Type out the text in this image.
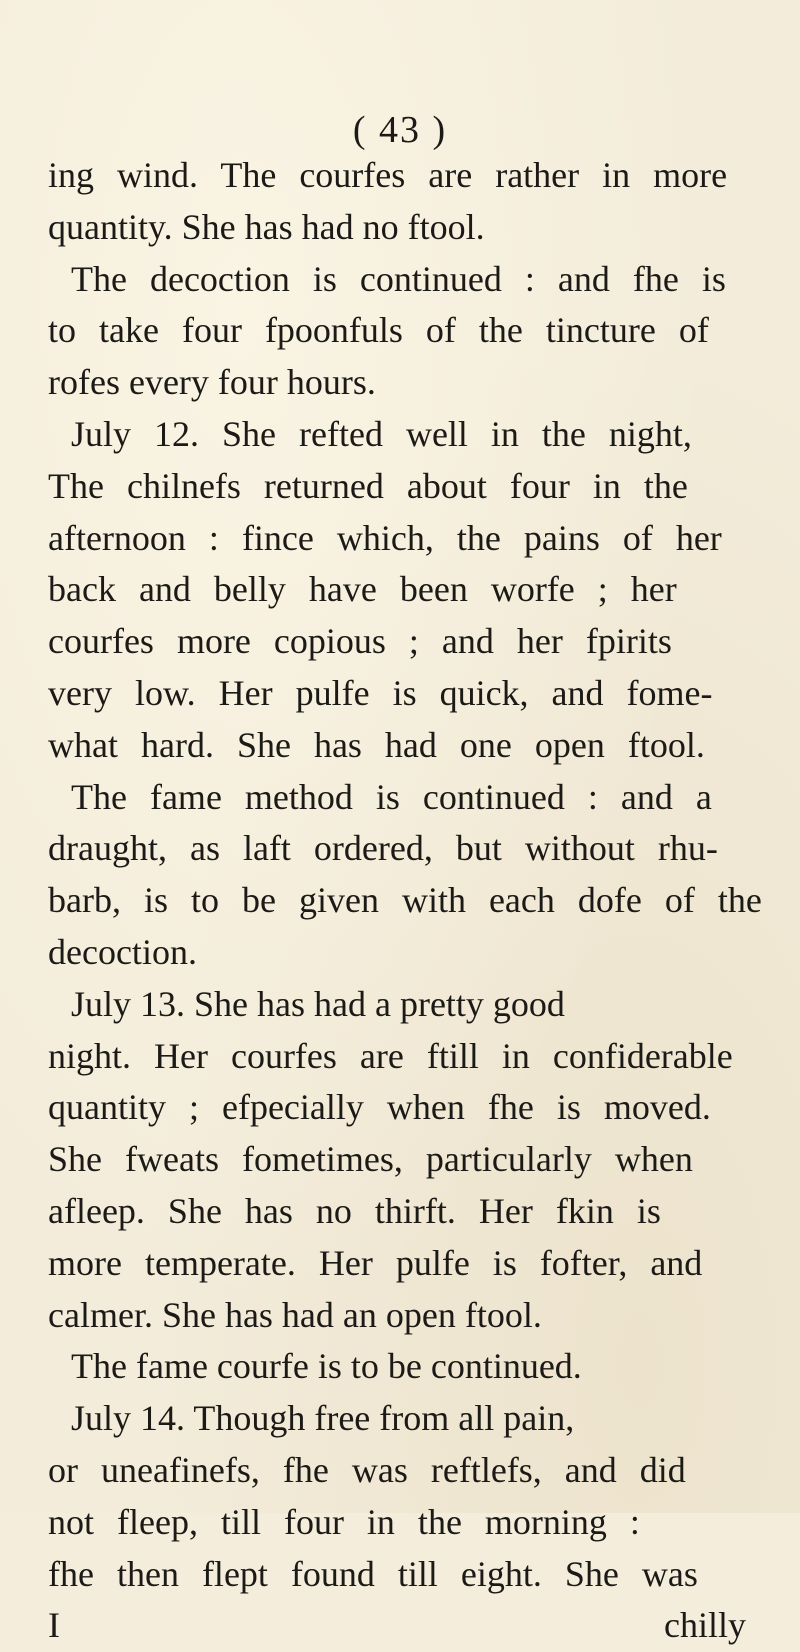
( 43 )
ing wind. The courfes are rather in more
quantity. She has had no ftool.
The decoction is continued : and fhe is
to take four fpoonfuls of the tincture of
rofes every four hours.
July 12. She refted well in the night,
The chilnefs returned about four in the
afternoon : fince which, the pains of her
back and belly have been worfe ; her
courfes more copious ; and her fpirits
very low. Her pulfe is quick, and fome-
what hard. She has had one open ftool.
The fame method is continued : and a
draught, as laft ordered, but without rhu-
barb, is to be given with each dofe of the
decoction.
July 13. She has had a pretty good
night. Her courfes are ftill in confiderable
quantity ; efpecially when fhe is moved.
She fweats fometimes, particularly when
afleep. She has no thirft. Her fkin is
more temperate. Her pulfe is fofter, and
calmer. She has had an open ftool.
The fame courfe is to be continued.
July 14. Though free from all pain,
or uneafinefs, fhe was reftlefs, and did
not fleep, till four in the morning :
fhe then flept found till eight. She was
I	chilly
